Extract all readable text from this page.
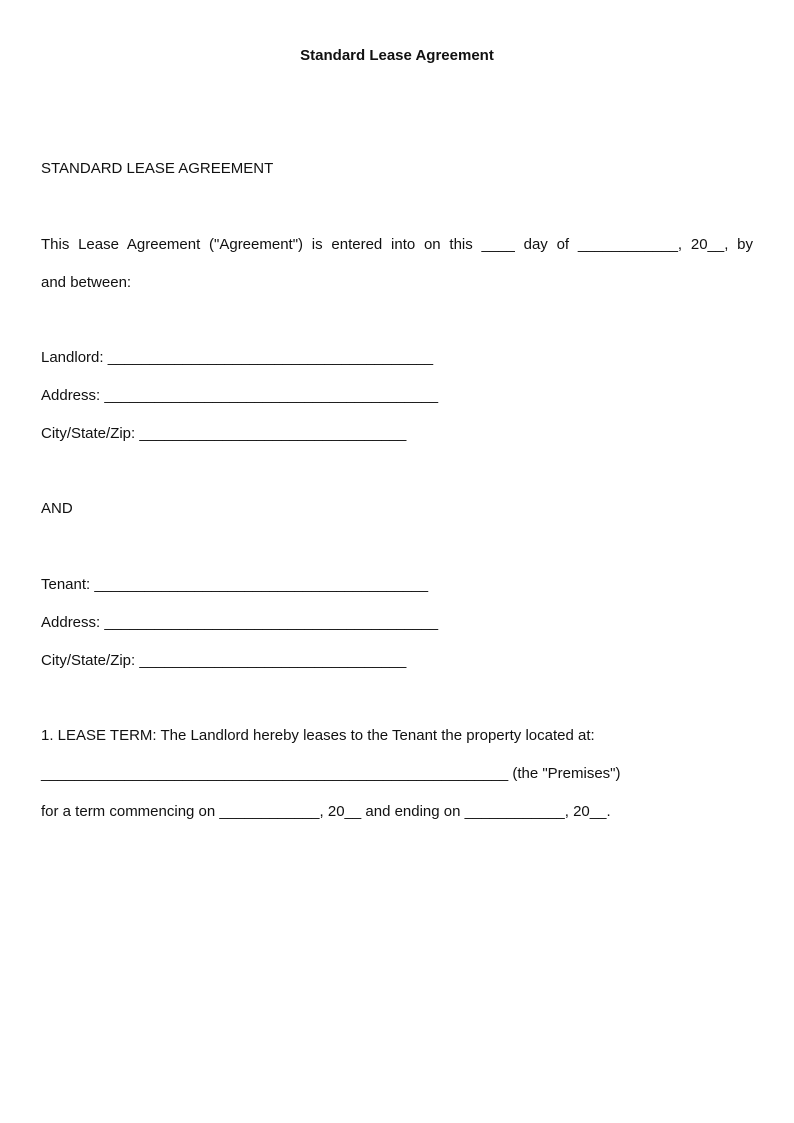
Standard Lease Agreement

STANDARD LEASE AGREEMENT

This Lease Agreement ("Agreement") is entered into on this ____ day of ____________, 20__, by

and between:

Landlord: _______________________________________

Address: ________________________________________

City/State/Zip: ________________________________

AND

Tenant: ________________________________________

Address: ________________________________________

City/State/Zip: ________________________________

1. LEASE TERM: The Landlord hereby leases to the Tenant the property located at:

________________________________________________________ (the "Premises")

for a term commencing on ____________, 20__ and ending on ____________, 20__.
